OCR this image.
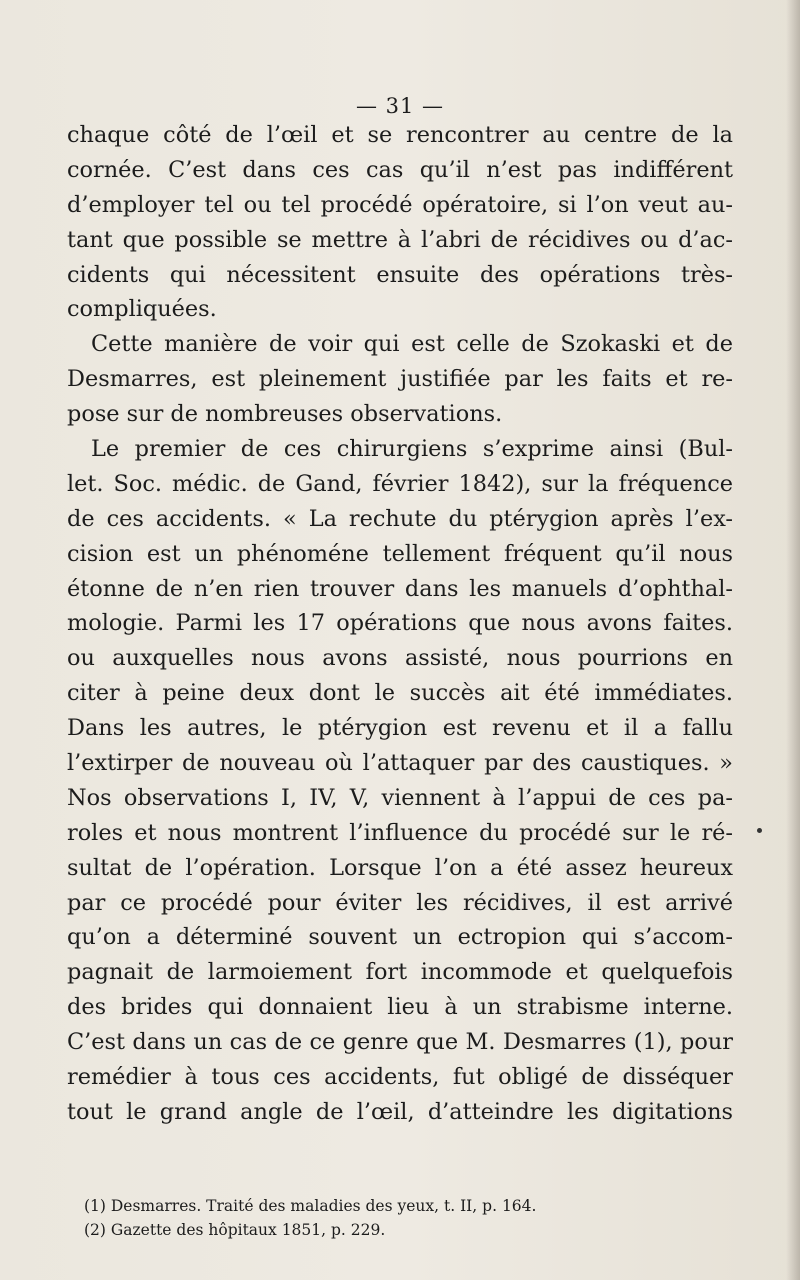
— 31 —
chaque côté de l’œil et se rencontrer au centre de la
cornée. C’est dans ces cas qu’il n’est pas indifférent
d’employer tel ou tel procédé opératoire, si l’on veut au-
tant que possible se mettre à l’abri de récidives ou d’ac-
cidents qui nécessitent ensuite des opérations très-
compliquées.
Cette manière de voir qui est celle de Szokaski et de
Desmarres, est pleinement justifiée par les faits et re-
pose sur de nombreuses observations.
Le premier de ces chirurgiens s’exprime ainsi (Bul-
let. Soc. médic. de Gand, février 1842), sur la fréquence
de ces accidents. « La rechute du ptérygion après l’ex-
cision est un phénoméne tellement fréquent qu’il nous
étonne de n’en rien trouver dans les manuels d’ophthal-
mologie. Parmi les 17 opérations que nous avons faites.
ou auxquelles nous avons assisté, nous pourrions en
citer à peine deux dont le succès ait été immédiates.
Dans les autres, le ptérygion est revenu et il a fallu
l’extirper de nouveau où l’attaquer par des caustiques. »
Nos observations I, IV, V, viennent à l’appui de ces pa-
roles et nous montrent l’influence du procédé sur le ré-
sultat de l’opération. Lorsque l’on a été assez heureux
par ce procédé pour éviter les récidives, il est arrivé
qu’on a déterminé souvent un ectropion qui s’accom-
pagnait de larmoiement fort incommode et quelquefois
des brides qui donnaient lieu à un strabisme interne.
C’est dans un cas de ce genre que M. Desmarres (1), pour
remédier à tous ces accidents, fut obligé de disséquer
tout le grand angle de l’œil, d’atteindre les digitations
(1) Desmarres. Traité des maladies des yeux, t. II, p. 164.
(2) Gazette des hôpitaux 1851, p. 229.
